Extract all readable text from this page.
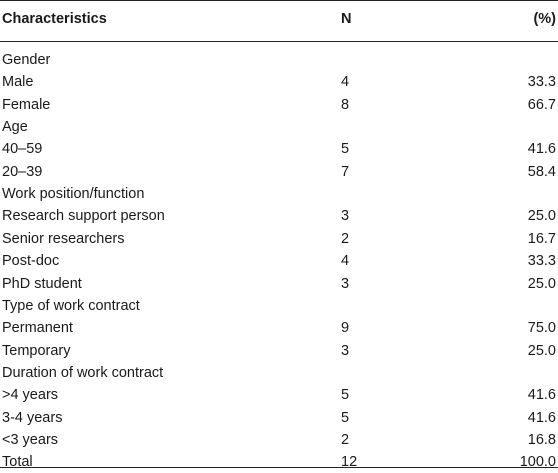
Characteristics	N	(%)
Gender
Male	4	33.3
Female	8	66.7
Age
40–59	5	41.6
20–39	7	58.4
Work position/function
Research support person	3	25.0
Senior researchers	2	16.7
Post-doc	4	33.3
PhD student	3	25.0
Type of work contract
Permanent	9	75.0
Temporary	3	25.0
Duration of work contract
>4 years	5	41.6
3-4 years	5	41.6
<3 years	2	16.8
Total	12	100.0
